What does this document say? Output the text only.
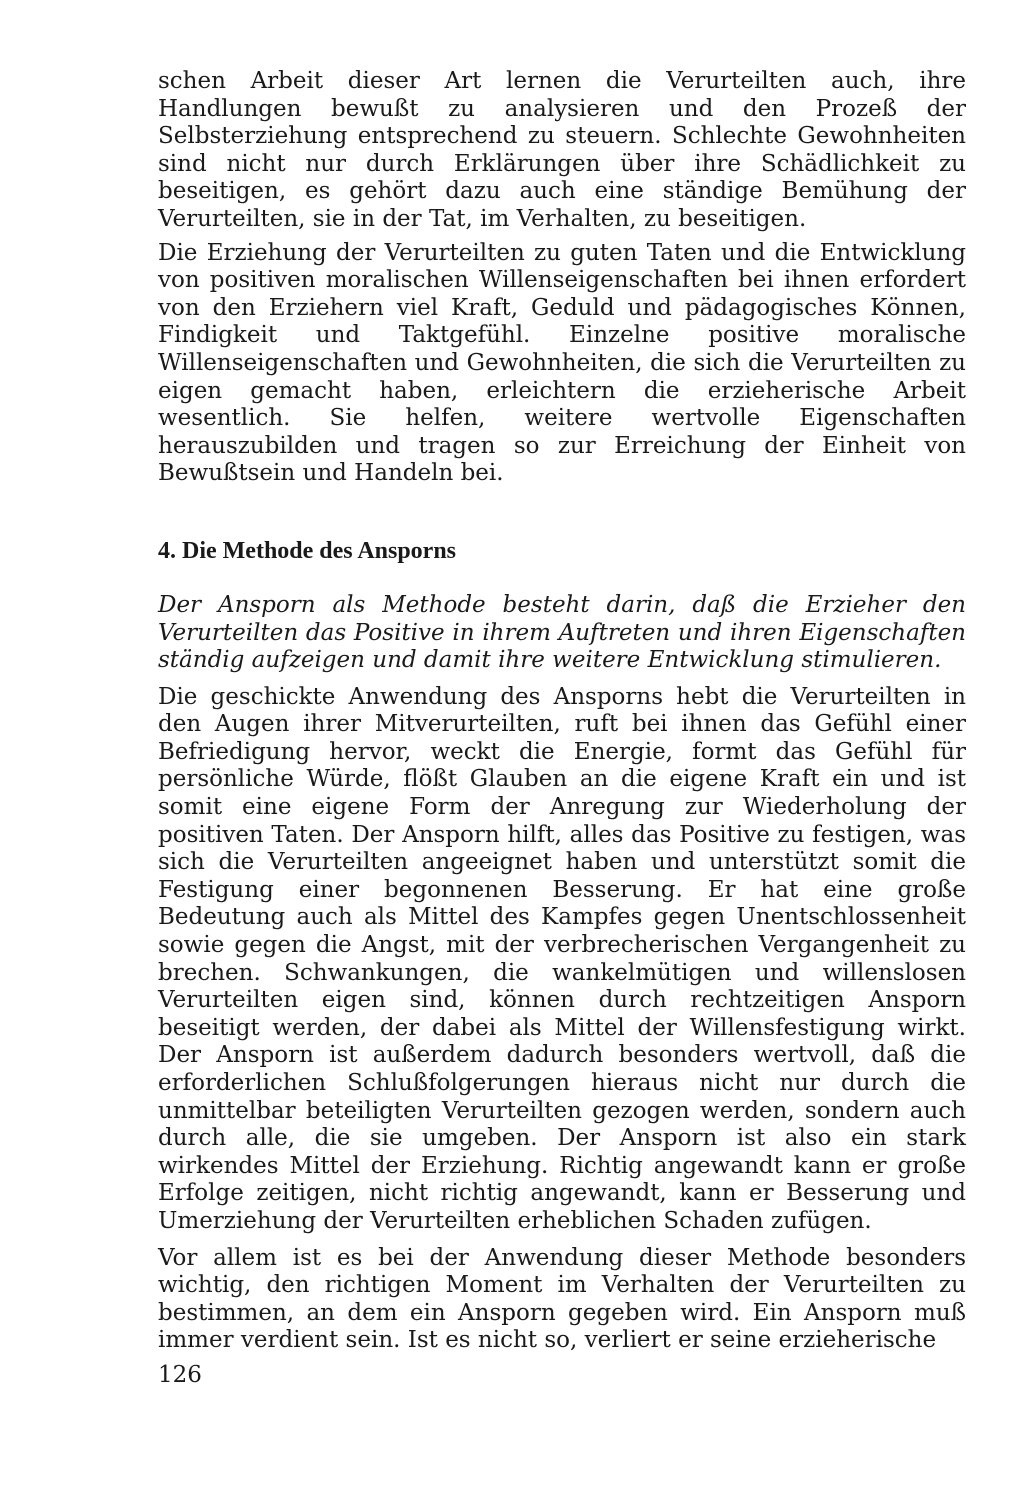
schen Arbeit dieser Art lernen die Verurteilten auch, ihre Handlungen bewußt zu analysieren und den Prozeß der Selbsterziehung entsprechend zu steuern. Schlechte Gewohnheiten sind nicht nur durch Erklärungen über ihre Schädlichkeit zu beseitigen, es gehört dazu auch eine ständige Bemühung der Verurteilten, sie in der Tat, im Verhalten, zu beseitigen.

Die Erziehung der Verurteilten zu guten Taten und die Entwicklung von positiven moralischen Willenseigenschaften bei ihnen erfordert von den Erziehern viel Kraft, Geduld und pädagogisches Können, Findigkeit und Taktgefühl. Einzelne positive moralische Willenseigenschaften und Gewohnheiten, die sich die Verurteilten zu eigen gemacht haben, erleichtern die erzieherische Arbeit wesentlich. Sie helfen, weitere wertvolle Eigenschaften herauszubilden und tragen so zur Erreichung der Einheit von Bewußtsein und Handeln bei.

4. Die Methode des Ansporns

Der Ansporn als Methode besteht darin, daß die Erzieher den Verurteilten das Positive in ihrem Auftreten und ihren Eigenschaften ständig aufzeigen und damit ihre weitere Entwicklung stimulieren.

Die geschickte Anwendung des Ansporns hebt die Verurteilten in den Augen ihrer Mitverurteilten, ruft bei ihnen das Gefühl einer Befriedigung hervor, weckt die Energie, formt das Gefühl für persönliche Würde, flößt Glauben an die eigene Kraft ein und ist somit eine eigene Form der Anregung zur Wiederholung der positiven Taten. Der Ansporn hilft, alles das Positive zu festigen, was sich die Verurteilten angeeignet haben und unterstützt somit die Festigung einer begonnenen Besserung. Er hat eine große Bedeutung auch als Mittel des Kampfes gegen Unentschlossenheit sowie gegen die Angst, mit der verbrecherischen Vergangenheit zu brechen. Schwankungen, die wankelmütigen und willenslosen Verurteilten eigen sind, können durch rechtzeitigen Ansporn beseitigt werden, der dabei als Mittel der Willensfestigung wirkt. Der Ansporn ist außerdem dadurch besonders wertvoll, daß die erforderlichen Schlußfolgerungen hieraus nicht nur durch die unmittelbar beteiligten Verurteilten gezogen werden, sondern auch durch alle, die sie umgeben. Der Ansporn ist also ein stark wirkendes Mittel der Erziehung. Richtig angewandt kann er große Erfolge zeitigen, nicht richtig angewandt, kann er Besserung und Umerziehung der Verurteilten erheblichen Schaden zufügen.

Vor allem ist es bei der Anwendung dieser Methode besonders wichtig, den richtigen Moment im Verhalten der Verurteilten zu bestimmen, an dem ein Ansporn gegeben wird. Ein Ansporn muß immer verdient sein. Ist es nicht so, verliert er seine erzieherische

126
